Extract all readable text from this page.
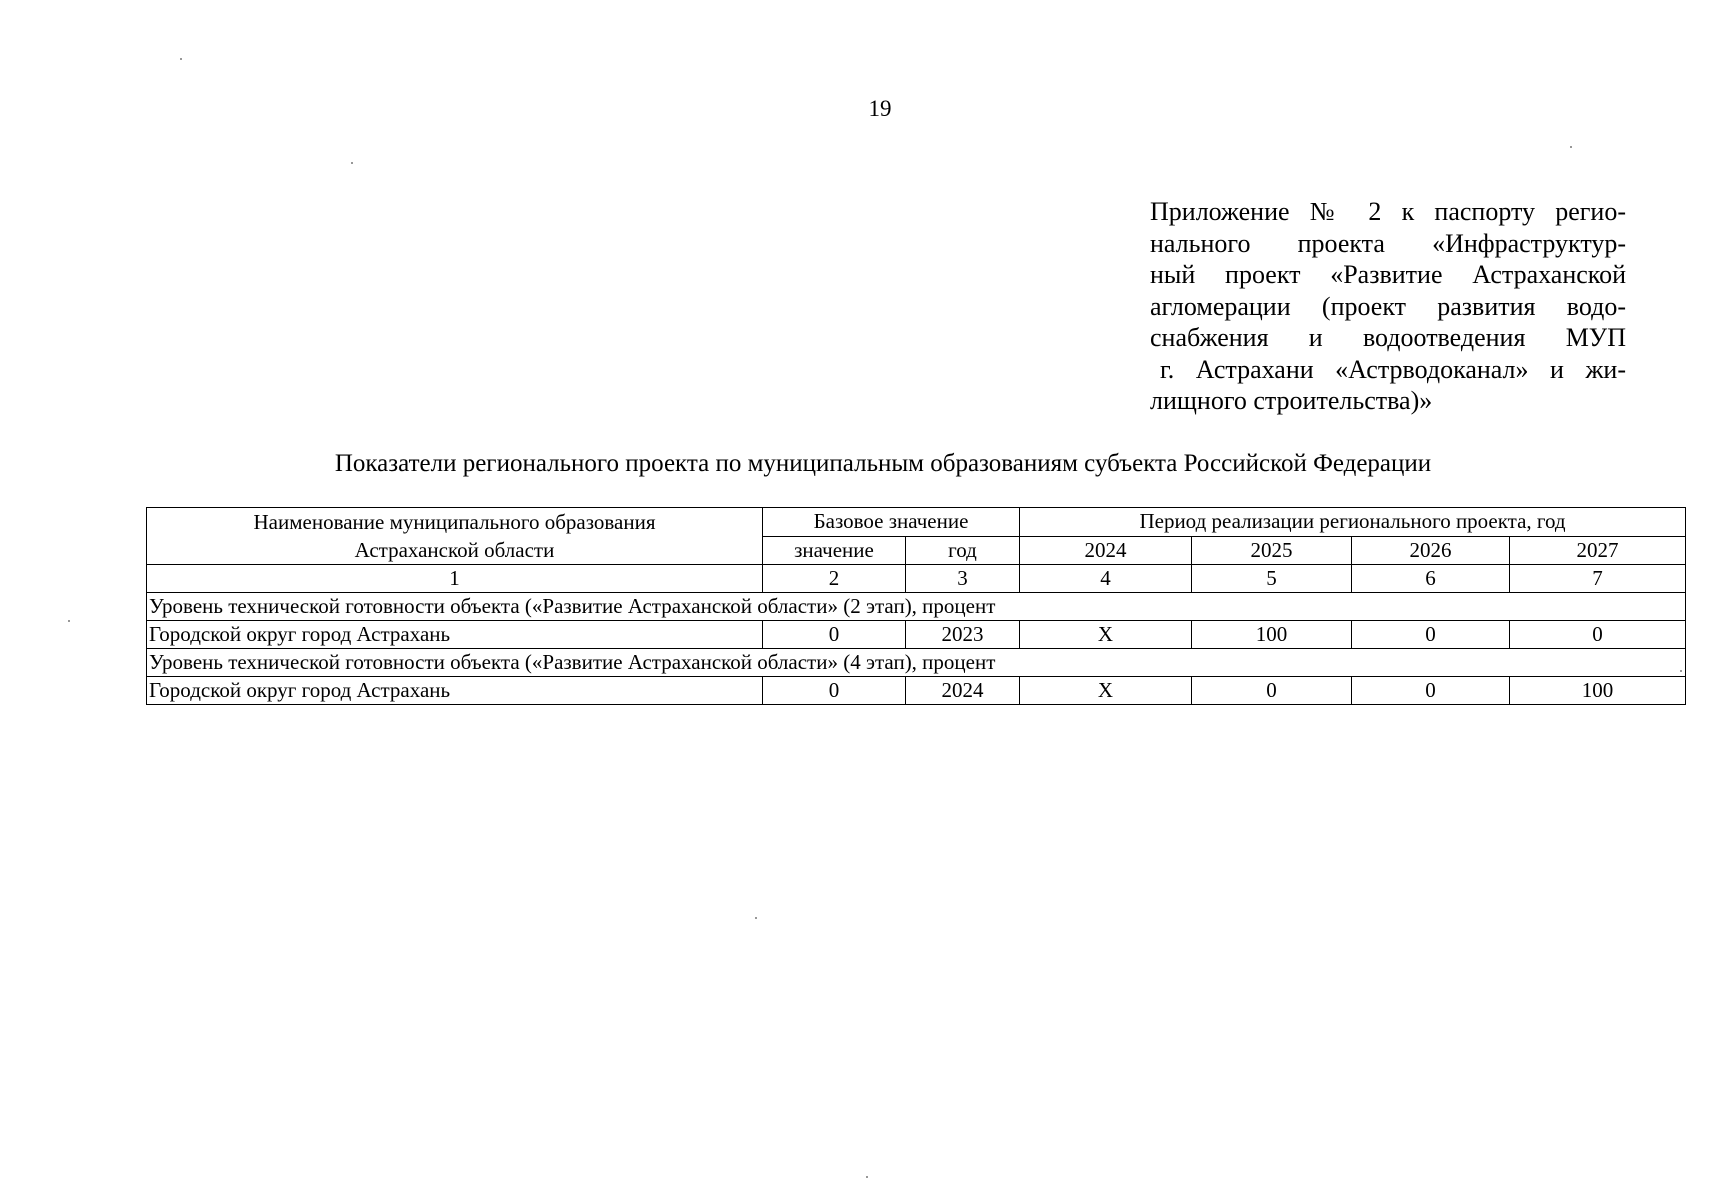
19
Приложение № 2 к паспорту регио-
нального проекта «Инфраструктур-
ный проект «Развитие Астраханской
агломерации (проект развития водо-
снабжения и водоотведения МУП
г. Астрахани «Астрводоканал» и жи-
лищного строительства)»
Показатели регионального проекта по муниципальным образованиям субъекта Российской Федерации
Наименование муниципального образования
Астраханской области	Базовое значение		Период реализации регионального проекта, год			
	значение	год	2024	2025	2026	2027
1	2	3	4	5	6	7
Уровень технической готовности объекта («Развитие Астраханской области» (2 этап), процент						
Городской округ город Астрахань	0	2023	X	100	0	0
Уровень технической готовности объекта («Развитие Астраханской области» (4 этап), процент						
Городской округ город Астрахань	0	2024	X	0	0	100
